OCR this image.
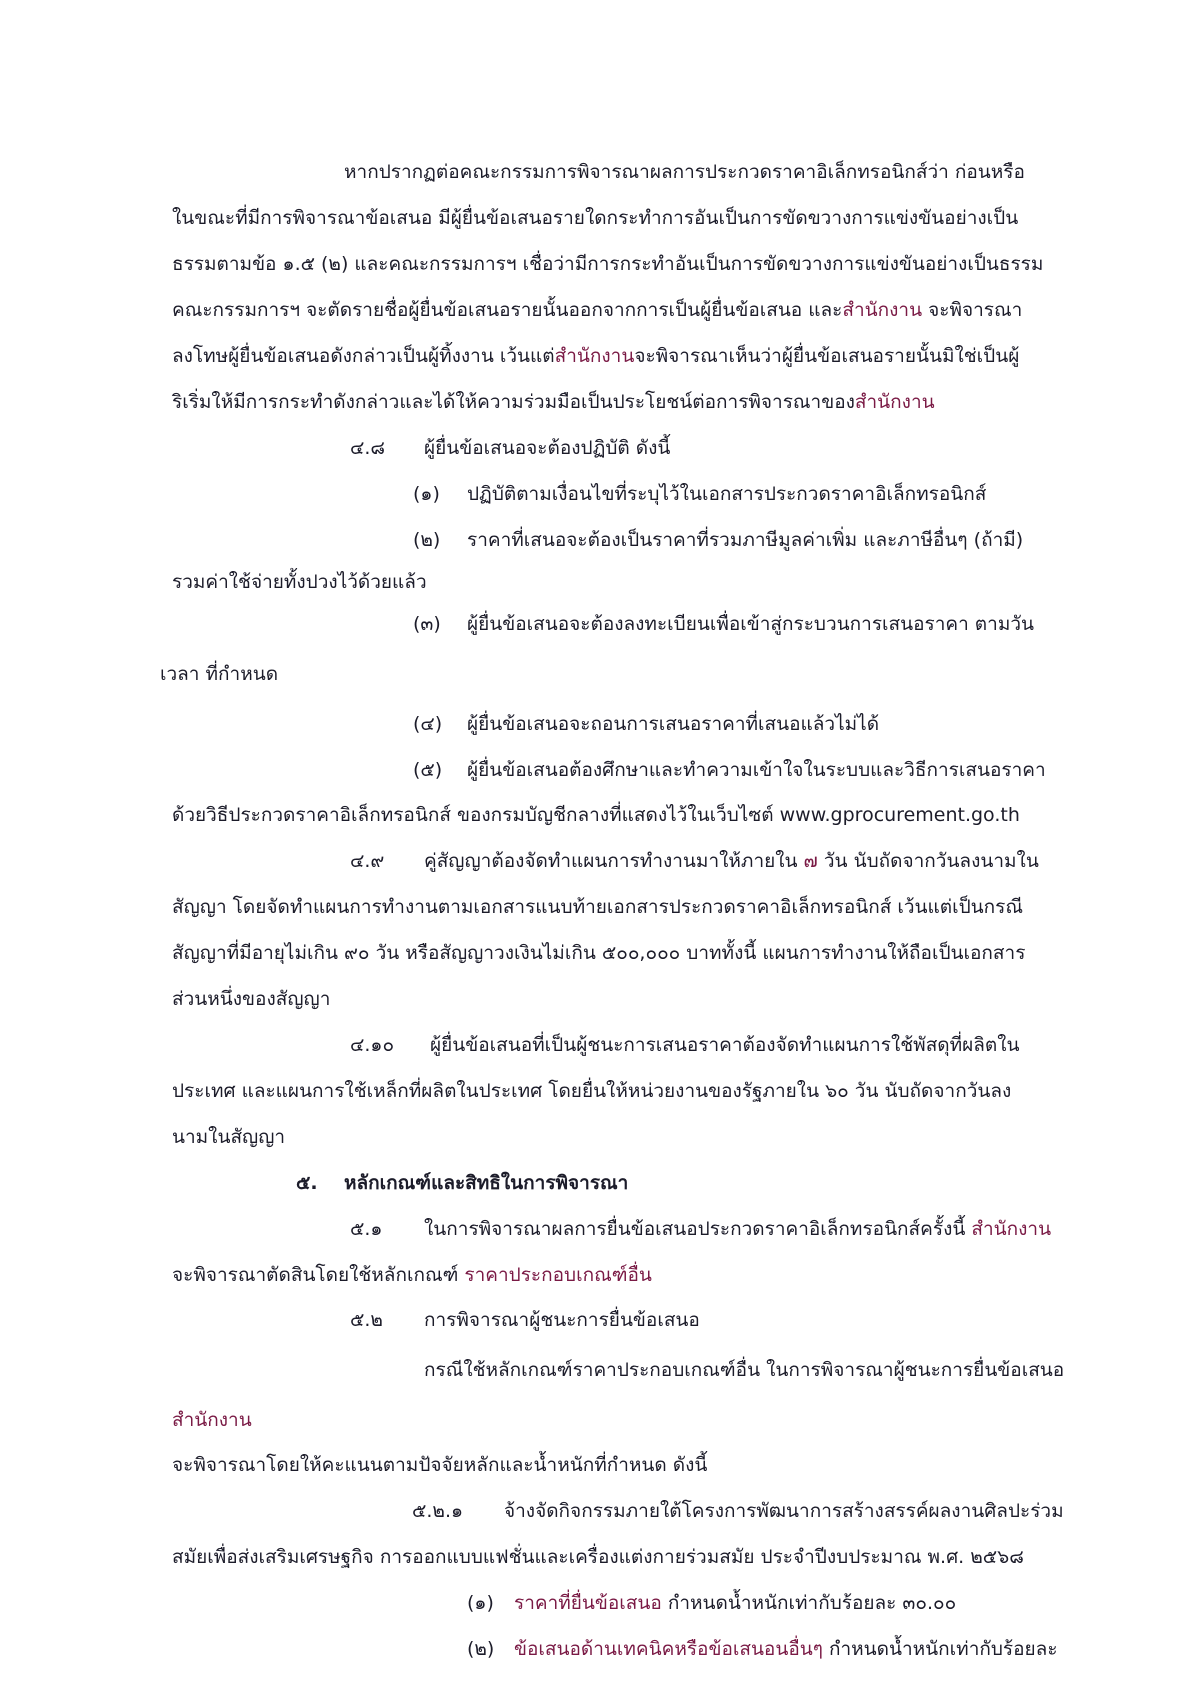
หากปรากฏต่อคณะกรรมการพิจารณาผลการประกวดราคาอิเล็กทรอนิกส์ว่า ก่อนหรือ
ในขณะที่มีการพิจารณาข้อเสนอ มีผู้ยื่นข้อเสนอรายใดกระทำการอันเป็นการขัดขวางการแข่งขันอย่างเป็น
ธรรมตามข้อ ๑.๕ (๒) และคณะกรรมการฯ เชื่อว่ามีการกระทำอันเป็นการขัดขวางการแข่งขันอย่างเป็นธรรม
คณะกรรมการฯ จะตัดรายชื่อผู้ยื่นข้อเสนอรายนั้นออกจากการเป็นผู้ยื่นข้อเสนอ และสำนักงาน จะพิจารณา
ลงโทษผู้ยื่นข้อเสนอดังกล่าวเป็นผู้ทิ้งงาน เว้นแต่สำนักงานจะพิจารณาเห็นว่าผู้ยื่นข้อเสนอรายนั้นมิใช่เป็นผู้
ริเริ่มให้มีการกระทำดังกล่าวและได้ให้ความร่วมมือเป็นประโยชน์ต่อการพิจารณาของสำนักงาน
๔.๘ ผู้ยื่นข้อเสนอจะต้องปฏิบัติ ดังนี้
(๑) ปฏิบัติตามเงื่อนไขที่ระบุไว้ในเอกสารประกวดราคาอิเล็กทรอนิกส์
(๒) ราคาที่เสนอจะต้องเป็นราคาที่รวมภาษีมูลค่าเพิ่ม และภาษีอื่นๆ (ถ้ามี)
รวมค่าใช้จ่ายทั้งปวงไว้ด้วยแล้ว
(๓) ผู้ยื่นข้อเสนอจะต้องลงทะเบียนเพื่อเข้าสู่กระบวนการเสนอราคา ตามวัน
เวลา ที่กำหนด
(๔) ผู้ยื่นข้อเสนอจะถอนการเสนอราคาที่เสนอแล้วไม่ได้
(๕) ผู้ยื่นข้อเสนอต้องศึกษาและทำความเข้าใจในระบบและวิธีการเสนอราคา
ด้วยวิธีประกวดราคาอิเล็กทรอนิกส์ ของกรมบัญชีกลางที่แสดงไว้ในเว็บไซต์ www.gprocurement.go.th
๔.๙ คู่สัญญาต้องจัดทำแผนการทำงานมาให้ภายใน ๗ วัน นับถัดจากวันลงนามใน
สัญญา โดยจัดทำแผนการทำงานตามเอกสารแนบท้ายเอกสารประกวดราคาอิเล็กทรอนิกส์ เว้นแต่เป็นกรณี
สัญญาที่มีอายุไม่เกิน ๙๐ วัน หรือสัญญาวงเงินไม่เกิน ๕๐๐,๐๐๐ บาททั้งนี้ แผนการทำงานให้ถือเป็นเอกสาร
ส่วนหนึ่งของสัญญา
๔.๑๐ ผู้ยื่นข้อเสนอที่เป็นผู้ชนะการเสนอราคาต้องจัดทำแผนการใช้พัสดุที่ผลิตใน
ประเทศ และแผนการใช้เหล็กที่ผลิตในประเทศ โดยยื่นให้หน่วยงานของรัฐภายใน ๖๐ วัน นับถัดจากวันลง
นามในสัญญา
๕. หลักเกณฑ์และสิทธิในการพิจารณา
๕.๑ ในการพิจารณาผลการยื่นข้อเสนอประกวดราคาอิเล็กทรอนิกส์ครั้งนี้ สำนักงาน
จะพิจารณาตัดสินโดยใช้หลักเกณฑ์ ราคาประกอบเกณฑ์อื่น
๕.๒ การพิจารณาผู้ชนะการยื่นข้อเสนอ
กรณีใช้หลักเกณฑ์ราคาประกอบเกณฑ์อื่น ในการพิจารณาผู้ชนะการยื่นข้อเสนอ
สำนักงาน
จะพิจารณาโดยให้คะแนนตามปัจจัยหลักและน้ำหนักที่กำหนด ดังนี้
๕.๒.๑ จ้างจัดกิจกรรมภายใต้โครงการพัฒนาการสร้างสรรค์ผลงานศิลปะร่วม
สมัยเพื่อส่งเสริมเศรษฐกิจ การออกแบบแฟชั่นและเครื่องแต่งกายร่วมสมัย ประจำปีงบประมาณ พ.ศ. ๒๕๖๘
(๑) ราคาที่ยื่นข้อเสนอ กำหนดน้ำหนักเท่ากับร้อยละ ๓๐.๐๐
(๒) ข้อเสนอด้านเทคนิคหรือข้อเสนอนอื่นๆ กำหนดน้ำหนักเท่ากับร้อยละ
